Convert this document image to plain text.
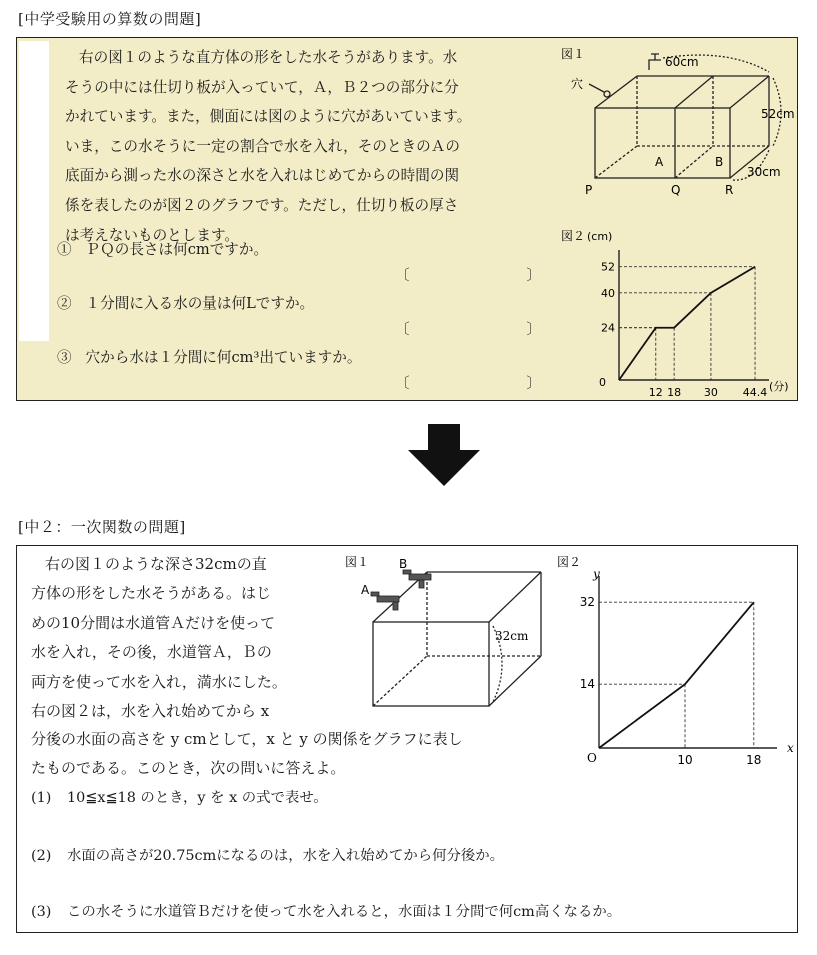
[中学受験用の算数の問題]
右の図１のような直方体の形をした水そうがあります。水
そうの中には仕切り板が入っていて，Ａ，Ｂ２つの部分に分
かれています。また，側面には図のように穴があいています。
いま，この水そうに一定の割合で水を入れ，そのときのＡの
底面から測った水の深さと水を入れはじめてからの時間の関
係を表したのが図２のグラフです。ただし，仕切り板の厚さ
は考えないものとします。
① ＰＱの長さは何cmですか。
〔　　　　　　　　〕
② １分間に入る水の量は何Lですか。
〔　　　　　　　　〕
③ 穴から水は１分間に何cm³出ていますか。
〔　　　　　　　　〕
図１
穴
60cm
52cm
30cm
A	B
P	Q	R
図２ (cm)
(分)
0
24
40
52
12 18 30 44.4
[中２：一次関数の問題]
右の図１のような深さ32cmの直
方体の形をした水そうがある。はじ
めの10分間は水道管Ａだけを使って
水を入れ，その後，水道管Ａ，Ｂの
両方を使って水を入れ，満水にした。
右の図２は，水を入れ始めてから x
分後の水面の高さを y cmとして，x と y の関係をグラフに表し
たものである。このとき，次の問いに答えよ。
(1) 10≦x≦18 のとき，y を x の式で表せ。
(2) 水面の高さが20.75cmになるのは，水を入れ始めてから何分後か。
(3) この水そうに水道管Ｂだけを使って水を入れると，水面は１分間で何cm高くなるか。
図１ B
A
32cm
図２
y
x
O
14
32
10	18
